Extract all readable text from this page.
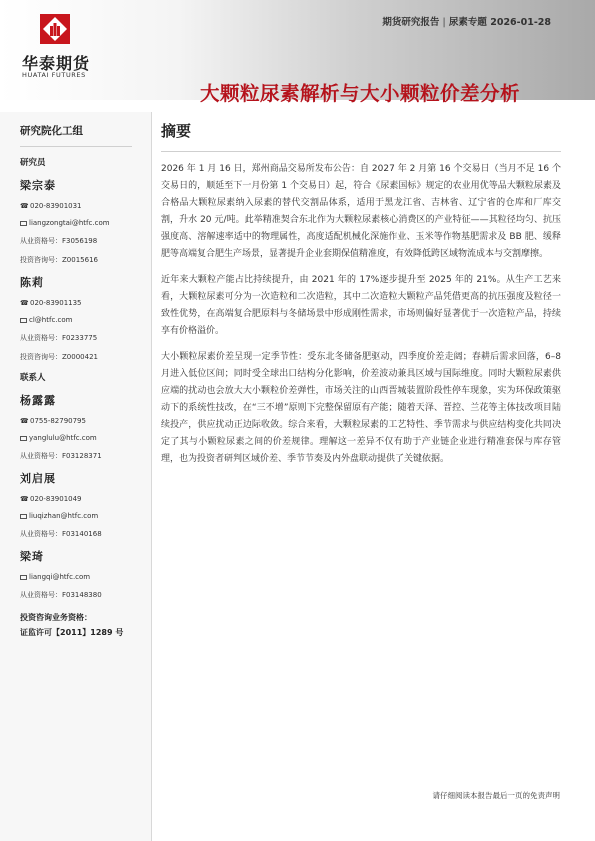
华泰期货
HUATAI FUTURES
期货研究报告 | 尿素专题 2026-01-28
大颗粒尿素解析与大小颗粒价差分析
研究院化工组
研究员
梁宗泰
☎ 020-83901031
liangzongtai@htfc.com
从业资格号：F3056198
投资咨询号：Z0015616
陈莉
☎ 020-83901135
cl@htfc.com
从业资格号：F0233775
投资咨询号：Z0000421
联系人
杨露露
☎ 0755-82790795
yanglulu@htfc.com
从业资格号：F03128371
刘启展
☎ 020-83901049
liuqizhan@htfc.com
从业资格号：F03140168
梁琦
liangqi@htfc.com
从业资格号：F03148380
投资咨询业务资格：
证监许可【2011】1289 号
摘要

2026 年 1 月 16 日，郑州商品交易所发布公告：自 2027 年 2 月第 16 个交易日（当月不足 16 个交易日的，顺延至下一月份第 1 个交易日）起，符合《尿素国标》规定的农业用优等品大颗粒尿素及合格品大颗粒尿素纳入尿素的替代交割品体系，适用于黑龙江省、吉林省、辽宁省的仓库和厂库交割，升水 20 元/吨。此举精准契合东北作为大颗粒尿素核心消费区的产业特征——其粒径均匀、抗压强度高、溶解速率适中的物理属性，高度适配机械化深施作业、玉米等作物基肥需求及 BB 肥、缓释肥等高端复合肥生产场景，显著提升企业套期保值精准度，有效降低跨区域物流成本与交割摩擦。

近年来大颗粒产能占比持续提升，由 2021 年的 17%逐步提升至 2025 年的 21%。从生产工艺来看，大颗粒尿素可分为一次造粒和二次造粒，其中二次造粒大颗粒产品凭借更高的抗压强度及粒径一致性优势，在高端复合肥原料与冬储场景中形成刚性需求，市场则偏好显著优于一次造粒产品，持续享有价格溢价。

大小颗粒尿素价差呈现一定季节性：受东北冬储备肥驱动，四季度价差走阔；春耕后需求回落，6–8 月进入低位区间；同时受全球出口结构分化影响，价差波动兼具区域与国际维度。同时大颗粒尿素供应端的扰动也会放大大小颗粒价差弹性，市场关注的山西晋城装置阶段性停车现象，实为环保政策驱动下的系统性技改，在“三不增”原则下完整保留原有产能；随着天泽、晋控、兰花等主体技改项目陆续投产，供应扰动正边际收敛。综合来看，大颗粒尿素的工艺特性、季节需求与供应结构变化共同决定了其与小颗粒尿素之间的价差规律。理解这一差异不仅有助于产业链企业进行精准套保与库存管理，也为投资者研判区域价差、季节节奏及内外盘联动提供了关键依据。

请仔细阅读本报告最后一页的免责声明
